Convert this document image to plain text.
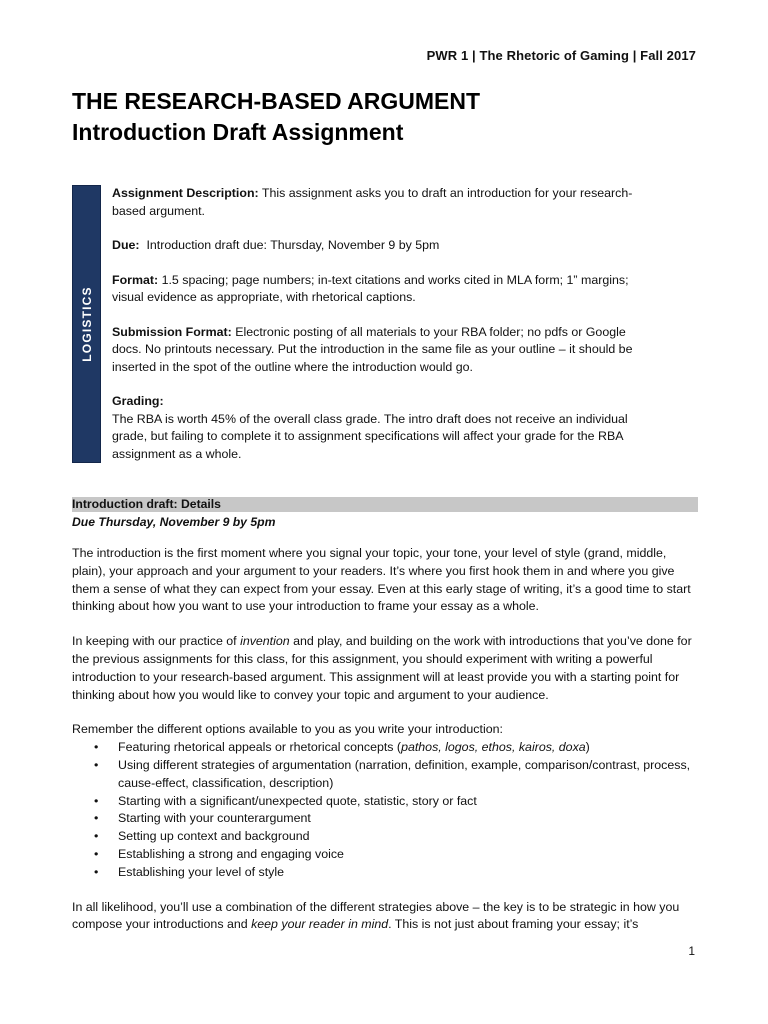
PWR 1 | The Rhetoric of Gaming | Fall 2017
THE RESEARCH-BASED ARGUMENT
Introduction Draft Assignment
LOGISTICS

Assignment Description: This assignment asks you to draft an introduction for your research-based argument.

Due: Introduction draft due: Thursday, November 9 by 5pm

Format: 1.5 spacing; page numbers; in-text citations and works cited in MLA form; 1” margins; visual evidence as appropriate, with rhetorical captions.

Submission Format: Electronic posting of all materials to your RBA folder; no pdfs or Google docs. No printouts necessary. Put the introduction in the same file as your outline – it should be inserted in the spot of the outline where the introduction would go.

Grading:
The RBA is worth 45% of the overall class grade. The intro draft does not receive an individual grade, but failing to complete it to assignment specifications will affect your grade for the RBA assignment as a whole.

Introduction draft: Details
Due Thursday, November 9 by 5pm

The introduction is the first moment where you signal your topic, your tone, your level of style (grand, middle, plain), your approach and your argument to your readers. It’s where you first hook them in and where you give them a sense of what they can expect from your essay. Even at this early stage of writing, it’s a good time to start thinking about how you want to use your introduction to frame your essay as a whole.

In keeping with our practice of invention and play, and building on the work with introductions that you’ve done for the previous assignments for this class, for this assignment, you should experiment with writing a powerful introduction to your research-based argument. This assignment will at least provide you with a starting point for thinking about how you would like to convey your topic and argument to your audience.

Remember the different options available to you as you write your introduction:
• Featuring rhetorical appeals or rhetorical concepts (pathos, logos, ethos, kairos, doxa)
• Using different strategies of argumentation (narration, definition, example, comparison/contrast, process, cause-effect, classification, description)
• Starting with a significant/unexpected quote, statistic, story or fact
• Starting with your counterargument
• Setting up context and background
• Establishing a strong and engaging voice
• Establishing your level of style

In all likelihood, you’ll use a combination of the different strategies above – the key is to be strategic in how you compose your introductions and keep your reader in mind. This is not just about framing your essay; it’s

1
